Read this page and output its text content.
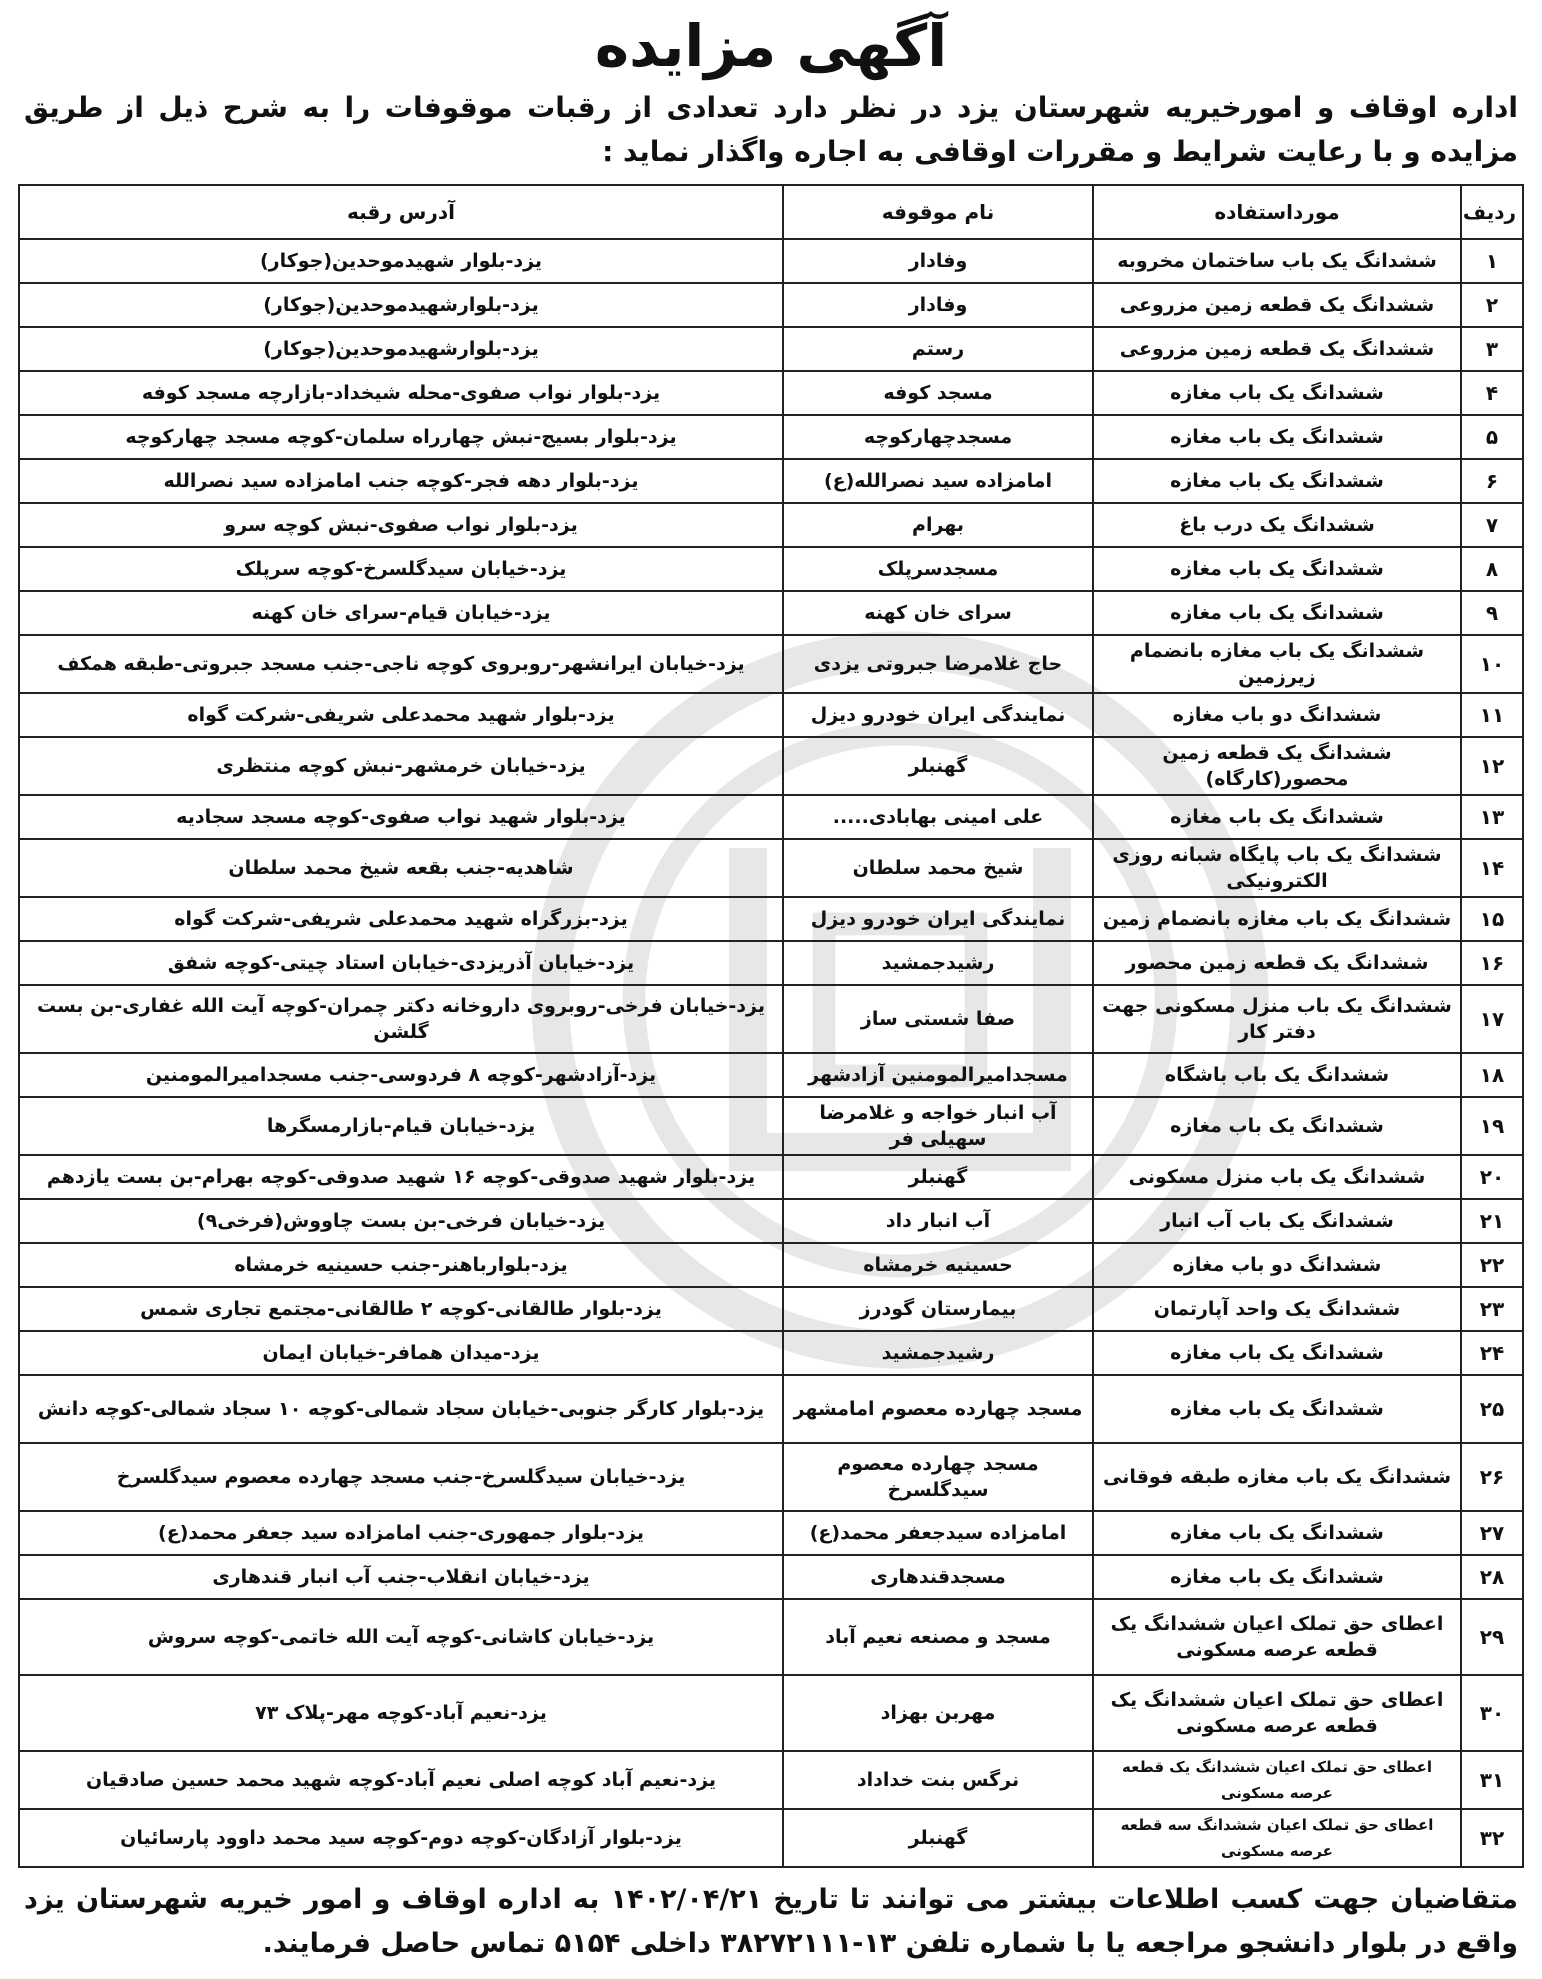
آگهی مزایده

اداره اوقاف و امورخیریه شهرستان یزد در نظر دارد تعدادی از رقبات موقوفات را به شرح ذیل از طریق مزایده و با رعایت شرایط و مقررات اوقافی به اجاره واگذار نماید :

ردیف	مورداستفاده	نام موقوفه	آدرس رقبه
۱	ششدانگ یک باب ساختمان مخروبه	وفادار	یزد-بلوار شهیدموحدین(جوکار)
۲	ششدانگ یک قطعه زمین مزروعی	وفادار	یزد-بلوارشهیدموحدین(جوکار)
۳	ششدانگ یک قطعه زمین مزروعی	رستم	یزد-بلوارشهیدموحدین(جوکار)
۴	ششدانگ یک باب مغازه	مسجد کوفه	یزد-بلوار نواب صفوی-محله شیخداد-بازارچه مسجد کوفه
۵	ششدانگ یک باب مغازه	مسجدچهارکوچه	یزد-بلوار بسیج-نبش چهارراه سلمان-کوچه مسجد چهارکوچه
۶	ششدانگ یک باب مغازه	امامزاده سید نصرالله(ع)	یزد-بلوار دهه فجر-کوچه جنب امامزاده سید نصرالله
۷	ششدانگ یک درب باغ	بهرام	یزد-بلوار نواب صفوی-نبش کوچه سرو
۸	ششدانگ یک باب مغازه	مسجدسرپلک	یزد-خیابان سیدگلسرخ-کوچه سرپلک
۹	ششدانگ یک باب مغازه	سرای خان کهنه	یزد-خیابان قیام-سرای خان کهنه
۱۰	ششدانگ یک باب مغازه بانضمام زیرزمین	حاج غلامرضا جبروتی یزدی	یزد-خیابان ایرانشهر-روبروی کوچه ناجی-جنب مسجد جبروتی-طبقه همکف
۱۱	ششدانگ دو باب مغازه	نمایندگی ایران خودرو دیزل	یزد-بلوار شهید محمدعلی شریفی-شرکت گواه
۱۲	ششدانگ یک قطعه زمین محصور(کارگاه)	گهنبلر	یزد-خیابان خرمشهر-نبش کوچه منتظری
۱۳	ششدانگ یک باب مغازه	علی امینی بهابادی.....	یزد-بلوار شهید نواب صفوی-کوچه مسجد سجادیه
۱۴	ششدانگ یک باب پایگاه شبانه روزی الکترونیکی	شیخ محمد سلطان	شاهدیه-جنب بقعه شیخ محمد سلطان
۱۵	ششدانگ یک باب مغازه بانضمام زمین	نمایندگی ایران خودرو دیزل	یزد-بزرگراه شهید محمدعلی شریفی-شرکت گواه
۱۶	ششدانگ یک قطعه زمین محصور	رشیدجمشید	یزد-خیابان آذریزدی-خیابان استاد چیتی-کوچه شفق
۱۷	ششدانگ یک باب منزل مسکونی جهت دفتر کار	صفا شستی ساز	یزد-خیابان فرخی-روبروی داروخانه دکتر چمران-کوچه آیت الله غفاری-بن بست گلشن
۱۸	ششدانگ یک باب باشگاه	مسجدامیرالمومنین آزادشهر	یزد-آزادشهر-کوچه ۸ فردوسی-جنب مسجدامیرالمومنین
۱۹	ششدانگ یک باب مغازه	آب انبار خواجه و غلامرضا سهیلی فر	یزد-خیابان قیام-بازارمسگرها
۲۰	ششدانگ یک باب منزل مسکونی	گهنبلر	یزد-بلوار شهید صدوقی-کوچه ۱۶ شهید صدوقی-کوچه بهرام-بن بست یازدهم
۲۱	ششدانگ یک باب آب انبار	آب انبار داد	یزد-خیابان فرخی-بن بست چاووش(فرخی۹)
۲۲	ششدانگ دو باب مغازه	حسینیه خرمشاه	یزد-بلوارباهنر-جنب حسینیه خرمشاه
۲۳	ششدانگ یک واحد آپارتمان	بیمارستان گودرز	یزد-بلوار طالقانی-کوچه ۲ طالقانی-مجتمع تجاری شمس
۲۴	ششدانگ یک باب مغازه	رشیدجمشید	یزد-میدان همافر-خیابان ایمان
۲۵	ششدانگ یک باب مغازه	مسجد چهارده معصوم امامشهر	یزد-بلوار کارگر جنوبی-خیابان سجاد شمالی-کوچه ۱۰ سجاد شمالی-کوچه دانش
۲۶	ششدانگ یک باب مغازه طبقه فوقانی	مسجد چهارده معصوم سیدگلسرخ	یزد-خیابان سیدگلسرخ-جنب مسجد چهارده معصوم سیدگلسرخ
۲۷	ششدانگ یک باب مغازه	امامزاده سیدجعفر محمد(ع)	یزد-بلوار جمهوری-جنب امامزاده سید جعفر محمد(ع)
۲۸	ششدانگ یک باب مغازه	مسجدقندهاری	یزد-خیابان انقلاب-جنب آب انبار قندهاری
۲۹	اعطای حق تملک اعیان ششدانگ یک قطعه عرصه مسکونی	مسجد و مصنعه نعیم آباد	یزد-خیابان کاشانی-کوچه آیت الله خاتمی-کوچه سروش
۳۰	اعطای حق تملک اعیان ششدانگ یک قطعه عرصه مسکونی	مهربن بهزاد	یزد-نعیم آباد-کوچه مهر-پلاک ۷۳
۳۱	اعطای حق تملک اعیان ششدانگ یک قطعه عرصه مسکونی	نرگس بنت خداداد	یزد-نعیم آباد کوچه اصلی نعیم آباد-کوچه شهید محمد حسین صادقیان
۳۲	اعطای حق تملک اعیان ششدانگ سه قطعه عرصه مسکونی	گهنبلر	یزد-بلوار آزادگان-کوچه دوم-کوچه سید محمد داوود پارسائیان

متقاضیان جهت کسب اطلاعات بیشتر می توانند تا تاریخ ۱۴۰۲/۰۴/۲۱ به اداره اوقاف و امور خیریه شهرستان یزد واقع در بلوار دانشجو مراجعه یا با شماره تلفن ۱۳-۳۸۲۷۲۱۱۱ داخلی ۵۱۵۴ تماس حاصل فرمایند.
